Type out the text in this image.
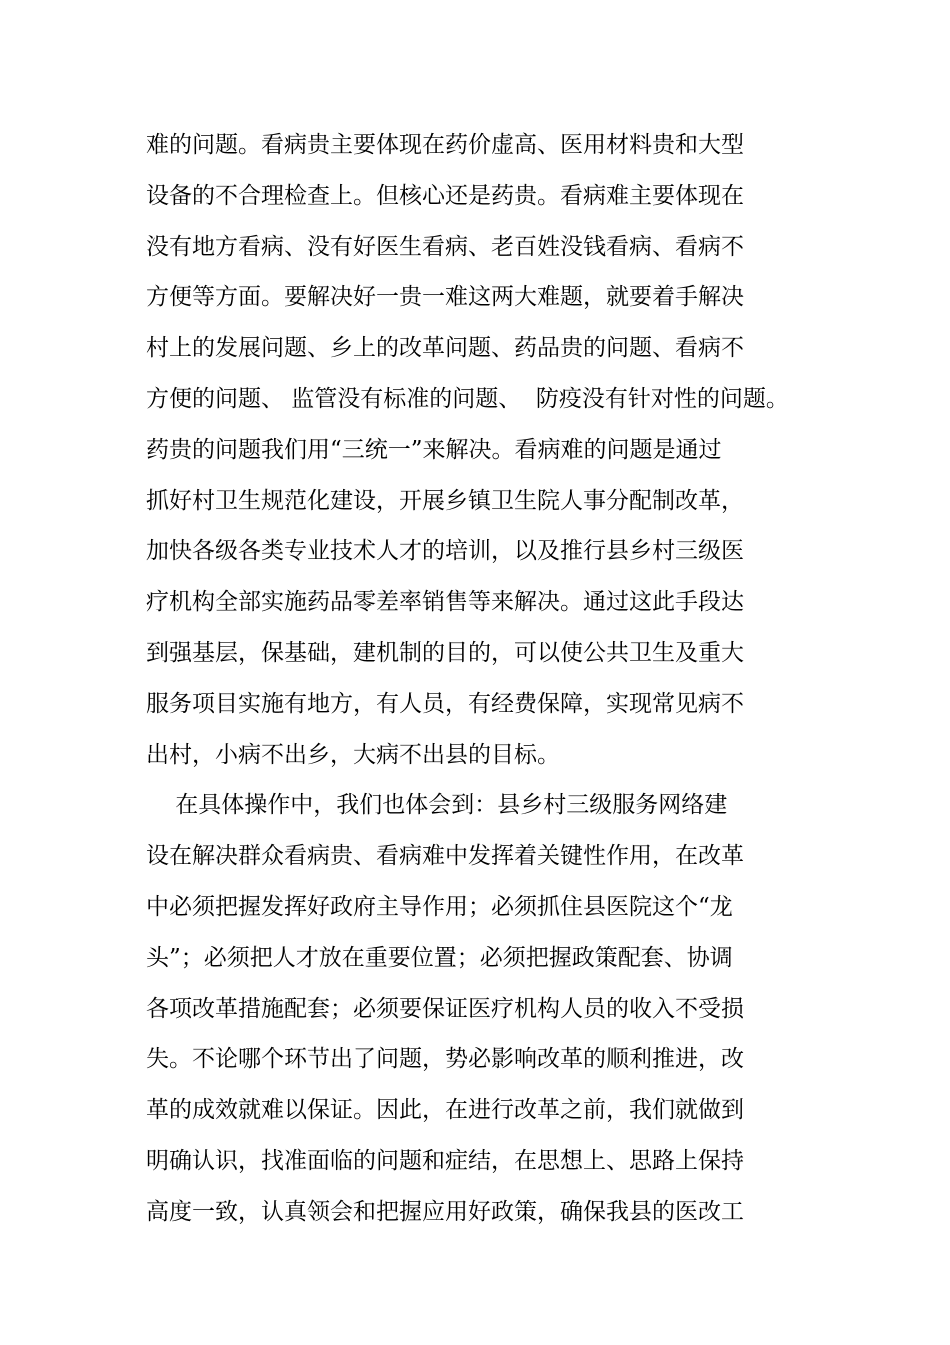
难的问题。看病贵主要体现在药价虚高、医用材料贵和大型
设备的不合理检查上。但核心还是药贵。看病难主要体现在
没有地方看病、没有好医生看病、老百姓没钱看病、看病不
方便等方面。要解决好一贵一难这两大难题，就要着手解决
村上的发展问题、乡上的改革问题、药品贵的问题、看病不
方便的问题、 监管没有标准的问题、  防疫没有针对性的问题。
药贵的问题我们用“三统一”来解决。看病难的问题是通过
抓好村卫生规范化建设，开展乡镇卫生院人事分配制改革，
加快各级各类专业技术人才的培训，以及推行县乡村三级医
疗机构全部实施药品零差率销售等来解决。通过这此手段达
到强基层，保基础，建机制的目的，可以使公共卫生及重大
服务项目实施有地方，有人员，有经费保障，实现常见病不
出村，小病不出乡，大病不出县的目标。
在具体操作中，我们也体会到：县乡村三级服务网络建
设在解决群众看病贵、看病难中发挥着关键性作用，在改革
中必须把握发挥好政府主导作用；必须抓住县医院这个“龙
头”；必须把人才放在重要位置；必须把握政策配套、协调
各项改革措施配套；必须要保证医疗机构人员的收入不受损
失。不论哪个环节出了问题，势必影响改革的顺利推进，改
革的成效就难以保证。因此，在进行改革之前，我们就做到
明确认识，找准面临的问题和症结，在思想上、思路上保持
高度一致，认真领会和把握应用好政策，确保我县的医改工
